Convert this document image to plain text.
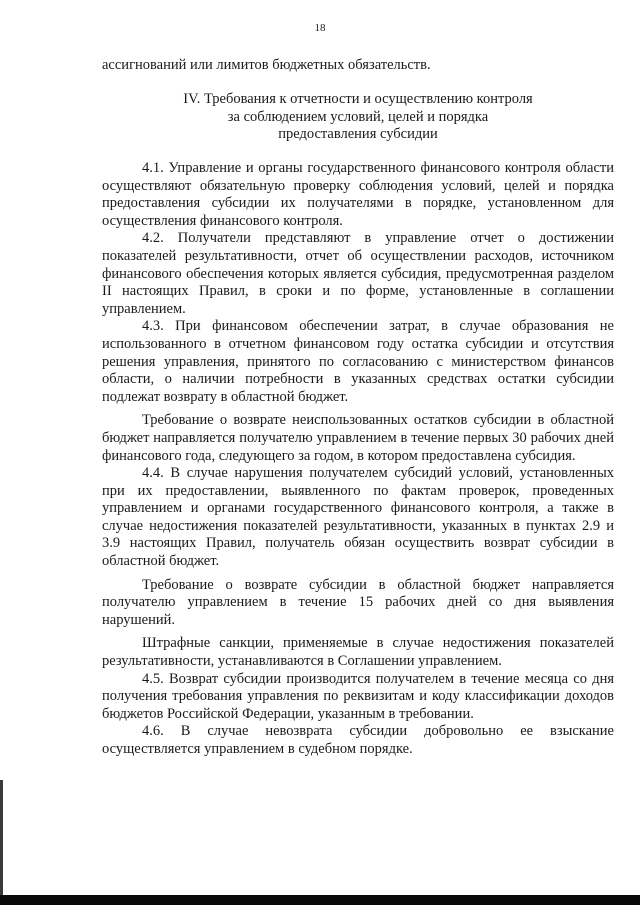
18
ассигнований или лимитов бюджетных обязательств.
IV. Требования к отчетности и осуществлению контроля
за соблюдением условий, целей и порядка
предоставления субсидии

4.1. Управление и органы государственного финансового контроля области осуществляют обязательную проверку соблюдения условий, целей и порядка предоставления субсидии их получателями в порядке, установленном для осуществления финансового контроля.

4.2. Получатели представляют в управление отчет о достижении показателей результативности, отчет об осуществлении расходов, источником финансового обеспечения которых является субсидия, предусмотренная разделом II настоящих Правил, в сроки и по форме, установленные в соглашении управлением.

4.3. При финансовом обеспечении затрат, в случае образования не использованного в отчетном финансовом году остатка субсидии и отсутствия решения управления, принятого по согласованию с министерством финансов области, о наличии потребности в указанных средствах остатки субсидии подлежат возврату в областной бюджет.

Требование о возврате неиспользованных остатков субсидии в областной бюджет направляется получателю управлением в течение первых 30 рабочих дней финансового года, следующего за годом, в котором предоставлена субсидия.

4.4. В случае нарушения получателем субсидий условий, установленных при их предоставлении, выявленного по фактам проверок, проведенных управлением и органами государственного финансового контроля, а также в случае недостижения показателей результативности, указанных в пунктах 2.9 и 3.9 настоящих Правил, получатель обязан осуществить возврат субсидии в областной бюджет.

Требование о возврате субсидии в областной бюджет направляется получателю управлением в течение 15 рабочих дней со дня выявления нарушений.

Штрафные санкции, применяемые в случае недостижения показателей результативности, устанавливаются в Соглашении управлением.

4.5. Возврат субсидии производится получателем в течение месяца со дня получения требования управления по реквизитам и коду классификации доходов бюджетов Российской Федерации, указанным в требовании.

4.6. В случае невозврата субсидии добровольно ее взыскание осуществляется управлением в судебном порядке.
